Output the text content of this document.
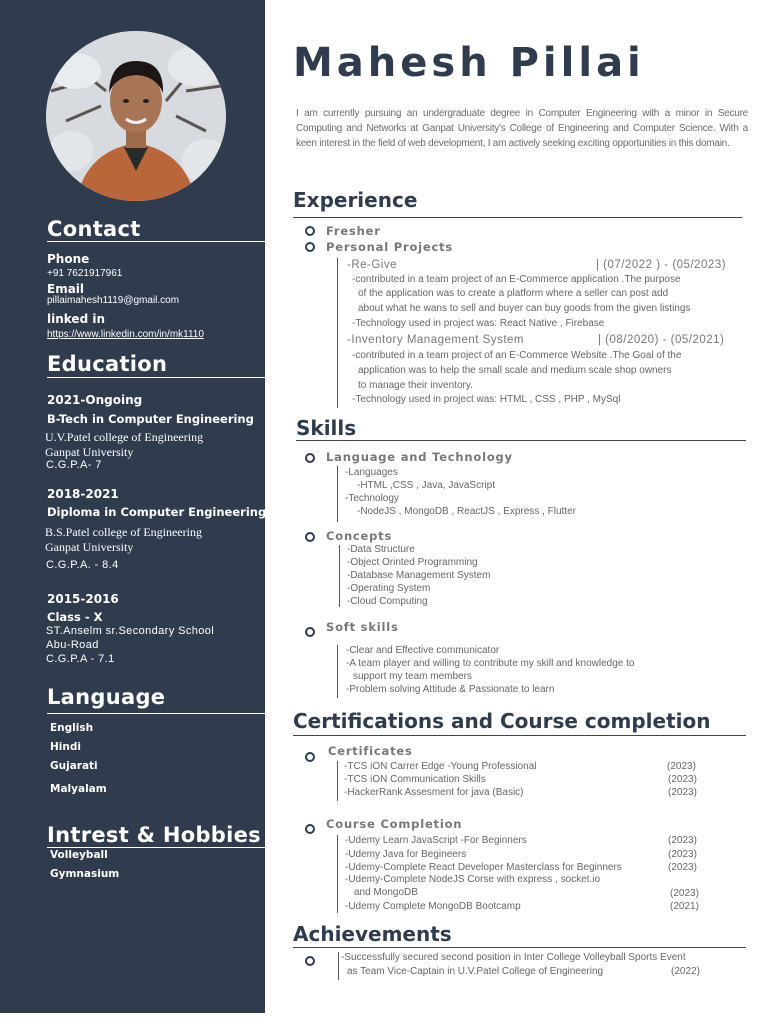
Contact
Phone
+91 7621917961
Email
pillaimahesh1119@gmail.com
linked in
https://www.linkedin.com/in/mk1110
Education
2021-Ongoing
B-Tech in Computer Engineering
U.V.Patel college of Engineering
Ganpat University
C.G.P.A- 7
2018-2021
Diploma in Computer Engineering
B.S.Patel college of Engineering
Ganpat University
C.G.P.A. - 8.4
2015-2016
Class - X
ST.Anselm sr.Secondary School
Abu-Road
C.G.P.A - 7.1
Language
English
Hindi
Gujarati
Malyalam
Intrest & Hobbies
Volleyball
Gymnasium
Mahesh Pillai
I am currently pursuing an undergraduate degree in Computer Engineering with a minor in Secure Computing and Networks at Ganpat University's College of Engineering and Computer Science. With a keen interest in the field of web development, I am actively seeking exciting opportunities in this domain.
Experience
Fresher
Personal Projects
-Re-Give	| (07/2022 ) - (05/2023)
-contributed in a team project of an E-Commerce application .The purpose
of the application was to create a platform where a seller can post add
about what he wans to sell and buyer can buy goods from the given listings
-Technology used in project was: React Native , Firebase
-Inventory Management System	| (08/2020) - (05/2021)
-contributed in a team project of an E-Commerce Website .The Goal of the
application was to help the small scale and medium scale shop owners
to manage their inventory.
-Technology used in project was: HTML , CSS , PHP , MySql
Skills
Language and Technology
-Languages
-HTML ,CSS , Java, JavaScript
-Technology
-NodeJS , MongoDB , ReactJS , Express , Flutter
Concepts
-Data Structure
-Object Orinted Programming
-Database Management System
-Operating System
-Cloud Computing
Soft skills
-Clear and Effective communicator
-A team player and willing to contribute my skill and knowledge to
support my team members
-Problem solving Attitude & Passionate to learn
Certifications and Course completion
Certificates
-TCS iON Carrer Edge -Young Professional	(2023)
-TCS iON Communication Skills	(2023)
-HackerRank Assesment for java (Basic)	(2023)
Course Completion
-Udemy Learn JavaScript -For Beginners	(2023)
-Udemy Java for Begineers	(2023)
-Udemy-Complete React Developer Masterclass for Beginners	(2023)
-Udemy-Complete NodeJS Corse with express , socket.io
and MongoDB	(2023)
-Udemy Complete MongoDB Bootcamp	(2021)
Achievements
-Successfully secured second position in Inter College Volleyball Sports Event
as Team Vice-Captain in U.V.Patel College of Engineering	(2022)
